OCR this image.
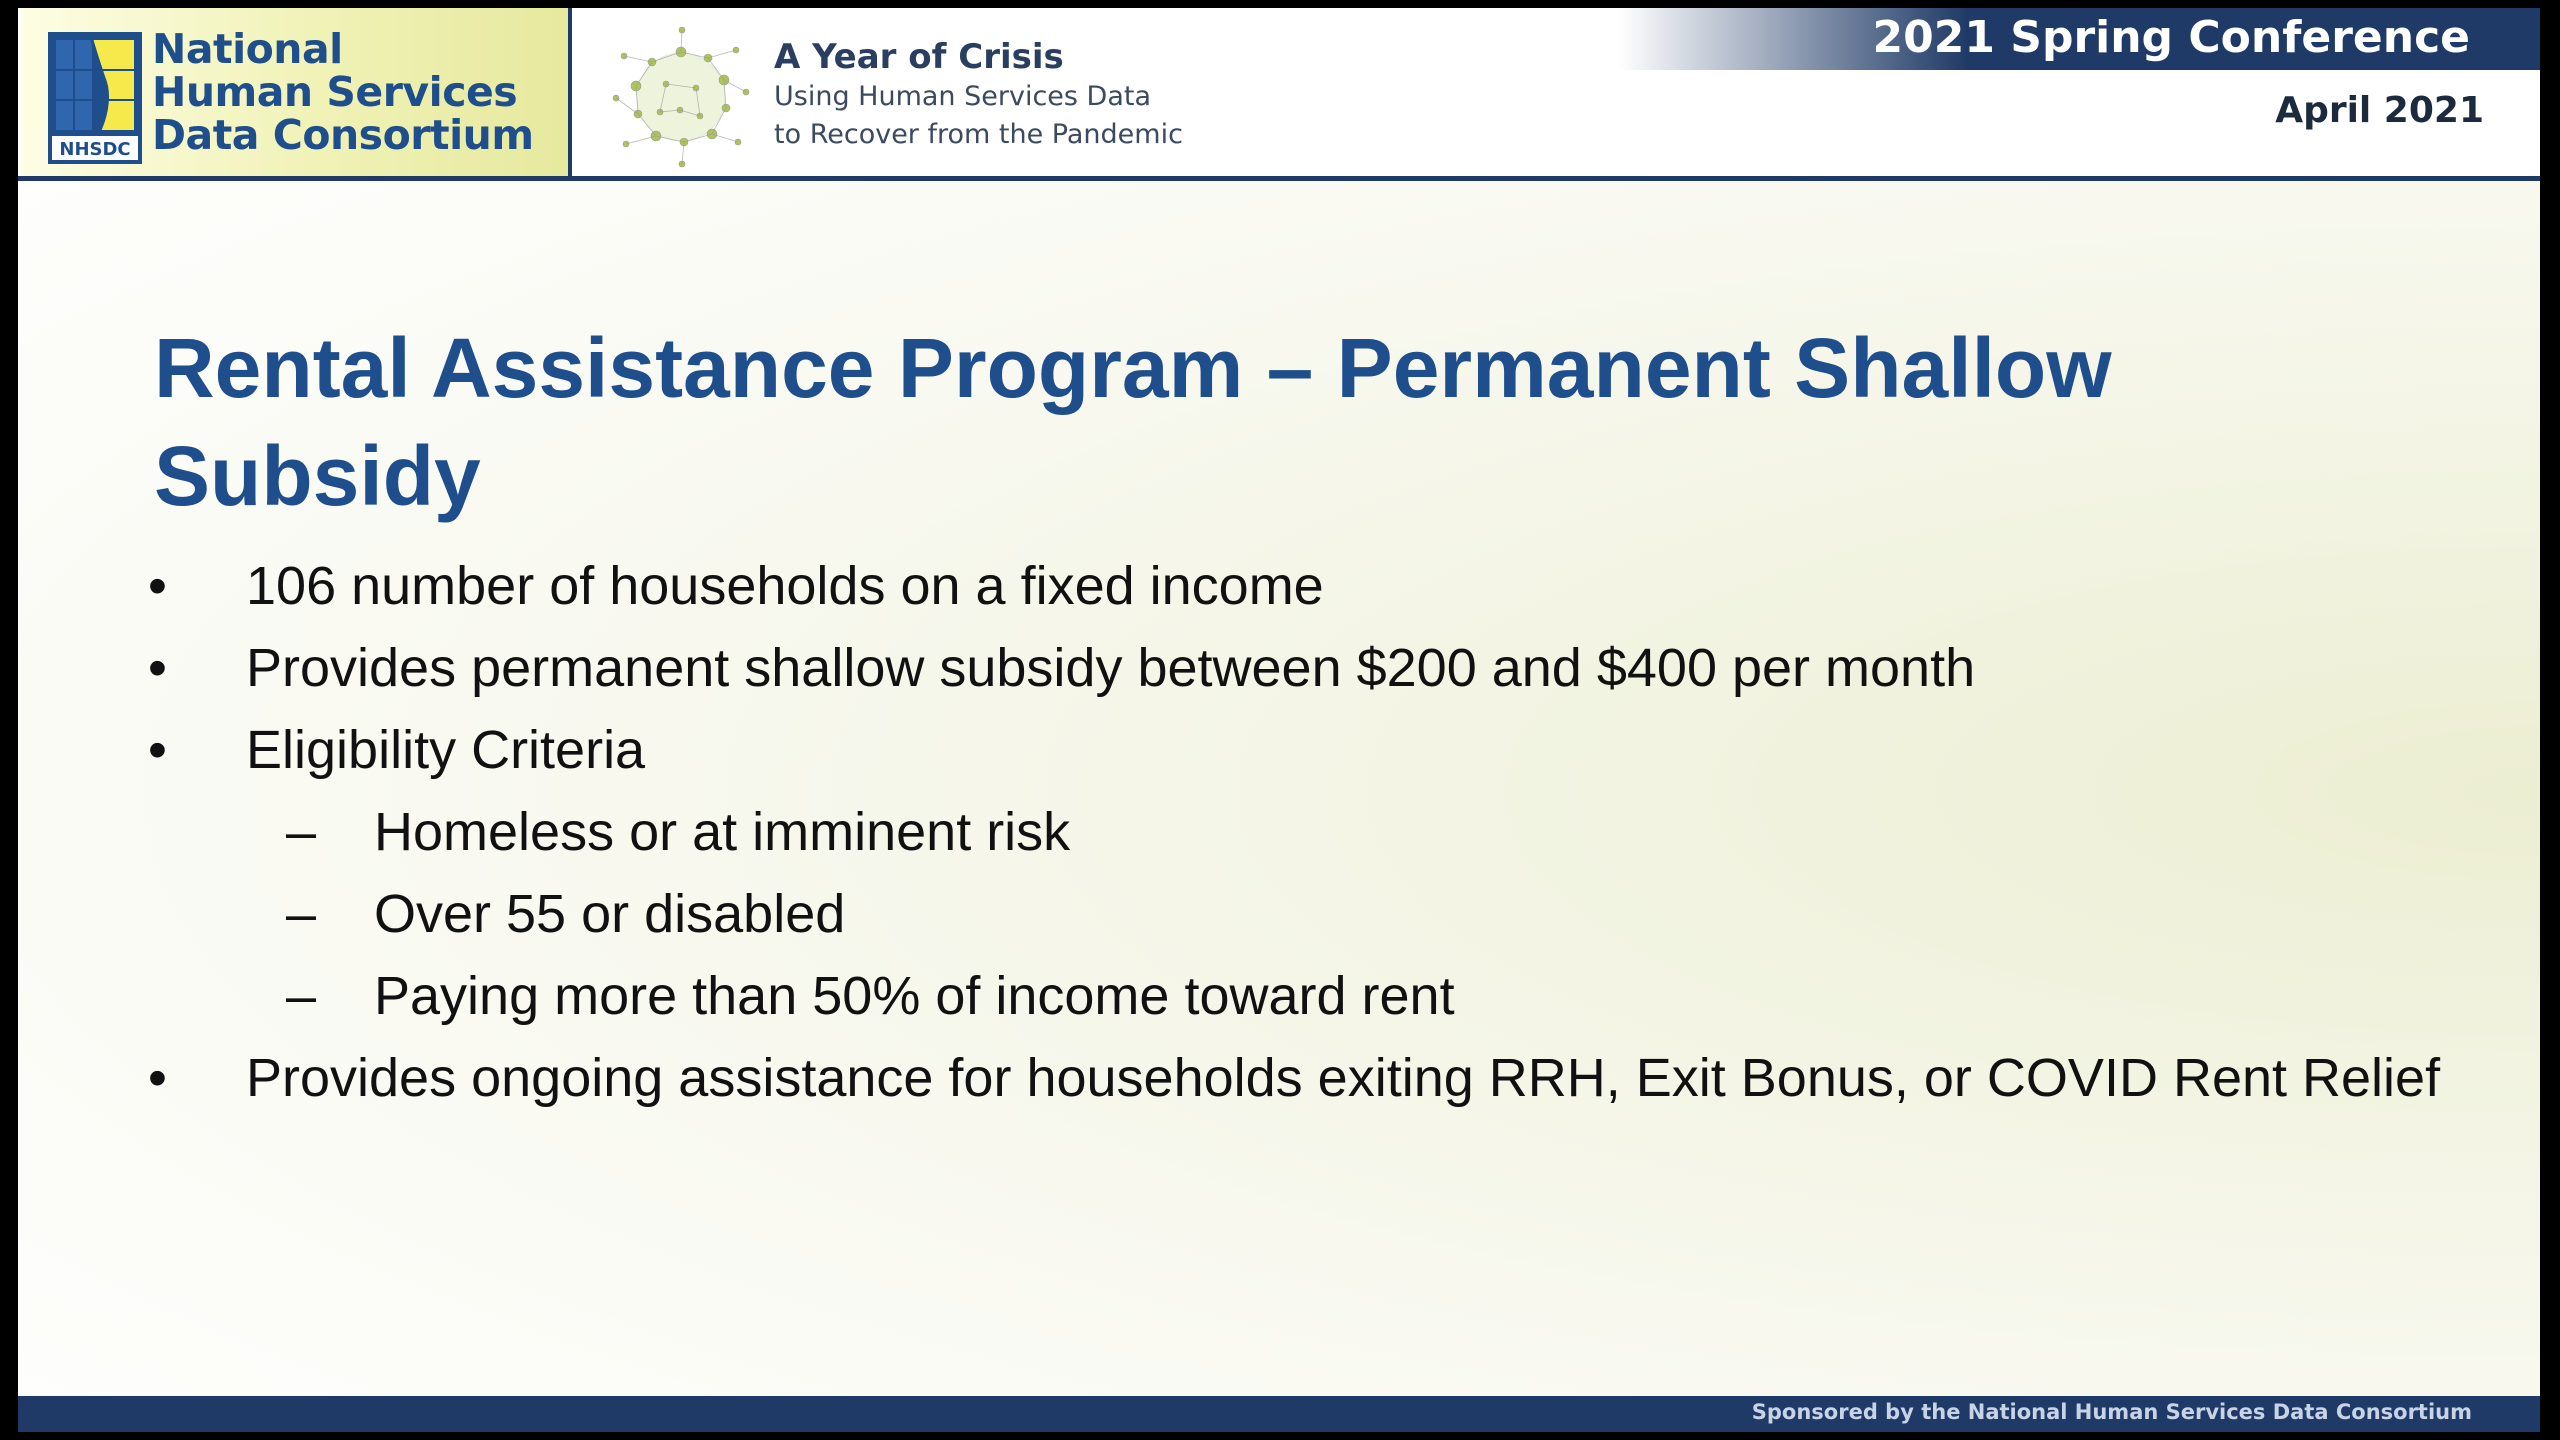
NHSDC
National
Human Services
Data Consortium
A Year of Crisis
Using Human Services Data
to Recover from the Pandemic
2021 Spring Conference
April 2021
Rental Assistance Program – Permanent Shallow Subsidy
•	106 number of households on a fixed income
•	Provides permanent shallow subsidy between $200 and $400 per month
•	Eligibility Criteria
–	Homeless or at imminent risk
–	Over 55 or disabled
–	Paying more than 50% of income toward rent
•	Provides ongoing assistance for households exiting RRH, Exit Bonus, or COVID Rent Relief
Sponsored by the National Human Services Data Consortium
